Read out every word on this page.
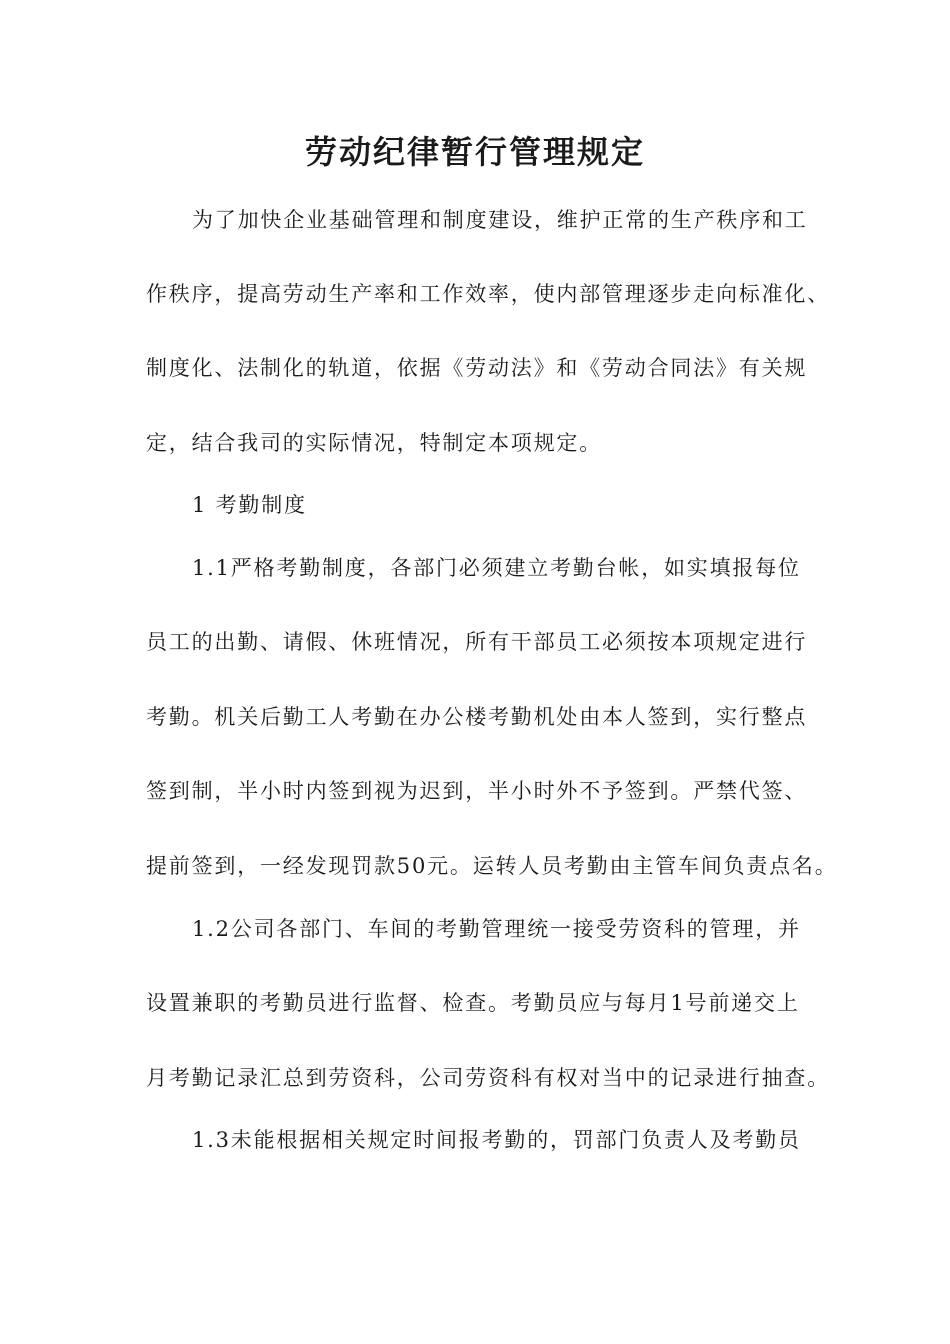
劳动纪律暂行管理规定

为了加快企业基础管理和制度建设，维护正常的生产秩序和工

作秩序，提高劳动生产率和工作效率，使内部管理逐步走向标准化、

制度化、法制化的轨道，依据《劳动法》和《劳动合同法》有关规

定，结合我司的实际情况，特制定本项规定。

1 考勤制度

1.1严格考勤制度，各部门必须建立考勤台帐，如实填报每位

员工的出勤、请假、休班情况，所有干部员工必须按本项规定进行

考勤。机关后勤工人考勤在办公楼考勤机处由本人签到，实行整点

签到制，半小时内签到视为迟到，半小时外不予签到。严禁代签、

提前签到，一经发现罚款50元。运转人员考勤由主管车间负责点名。

1.2公司各部门、车间的考勤管理统一接受劳资科的管理，并

设置兼职的考勤员进行监督、检查。考勤员应与每月1号前递交上

月考勤记录汇总到劳资科，公司劳资科有权对当中的记录进行抽查。

1.3未能根据相关规定时间报考勤的，罚部门负责人及考勤员
